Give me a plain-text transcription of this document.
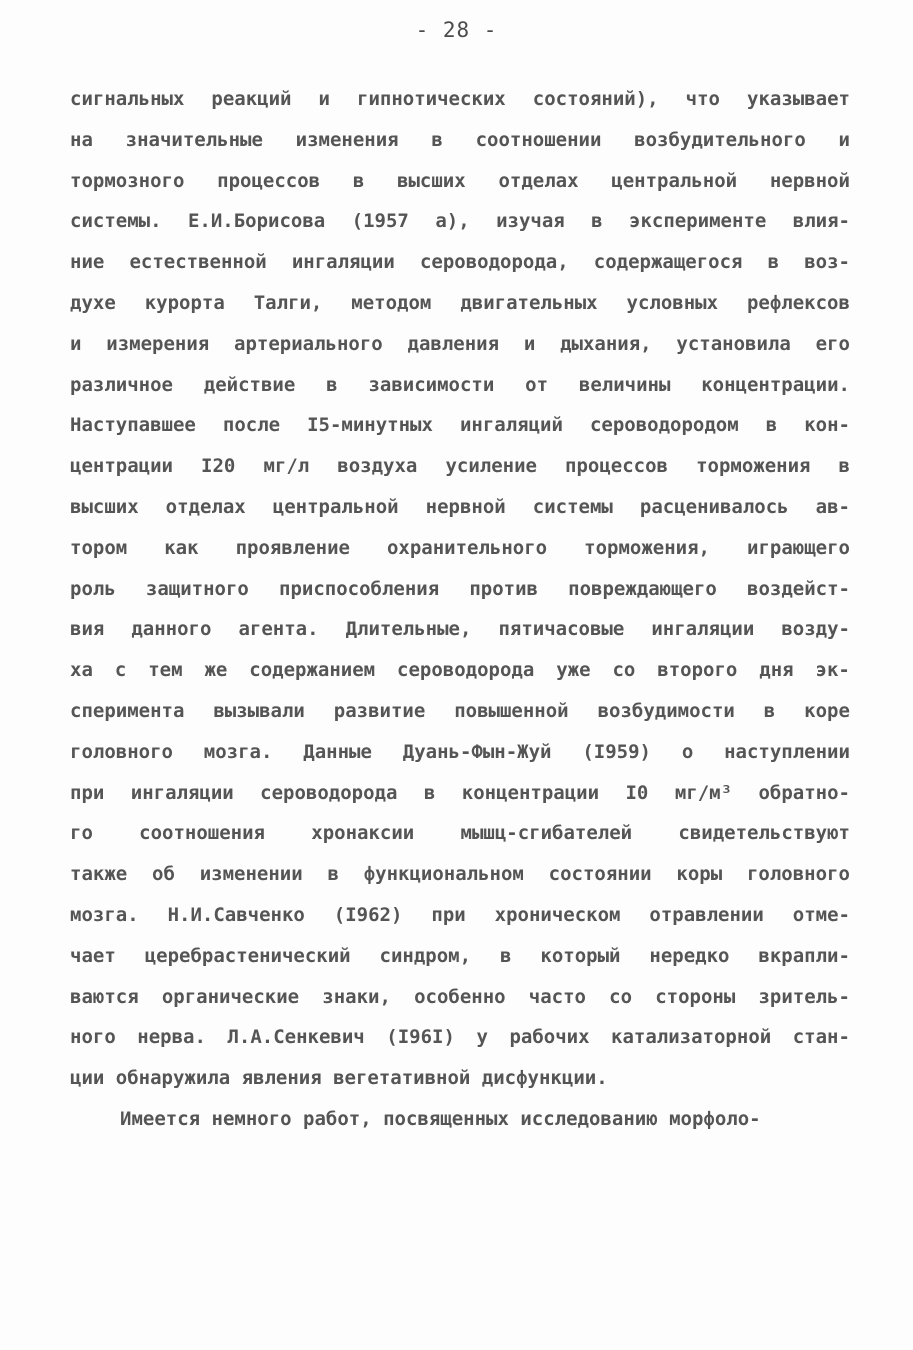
- 28 -
сигнальных реакций и гипнотических состояний), что указывает
на значительные изменения в соотношении возбудительного и
тормозного процессов в высших отделах центральной нервной
системы. Е.И.Борисова (1957 а), изучая в эксперименте влия-
ние естественной ингаляции сероводорода, содержащегося в воз-
духе курорта Талги, методом двигательных условных рефлексов
и измерения артериального давления и дыхания, установила его
различное действие в зависимости от величины концентрации.
Наступавшее после I5-минутных ингаляций сероводородом в кон-
центрации I20 мг/л воздуха усиление процессов торможения в
высших отделах центральной нервной системы расценивалось ав-
тором как проявление охранительного торможения, играющего
роль защитного приспособления против повреждающего воздейст-
вия данного агента. Длительные, пятичасовые ингаляции возду-
ха с тем же содержанием сероводорода уже со второго дня эк-
сперимента вызывали развитие повышенной возбудимости в коре
головного мозга. Данные Дуань-Фын-Жуй (I959) о наступлении
при ингаляции сероводорода в концентрации I0 мг/м³ обратно-
го соотношения хронаксии мышц-сгибателей свидетельствуют
также об изменении в функциональном состоянии коры головного
мозга. Н.И.Савченко (I962) при хроническом отравлении отме-
чает церебрастенический синдром, в который нередко вкрапли-
ваются органические знаки, особенно часто со стороны зритель-
ного нерва. Л.А.Сенкевич (I96I) у рабочих катализаторной стан-
ции обнаружила явления вегетативной дисфункции.
Имеется немного работ, посвященных исследованию морфоло-
